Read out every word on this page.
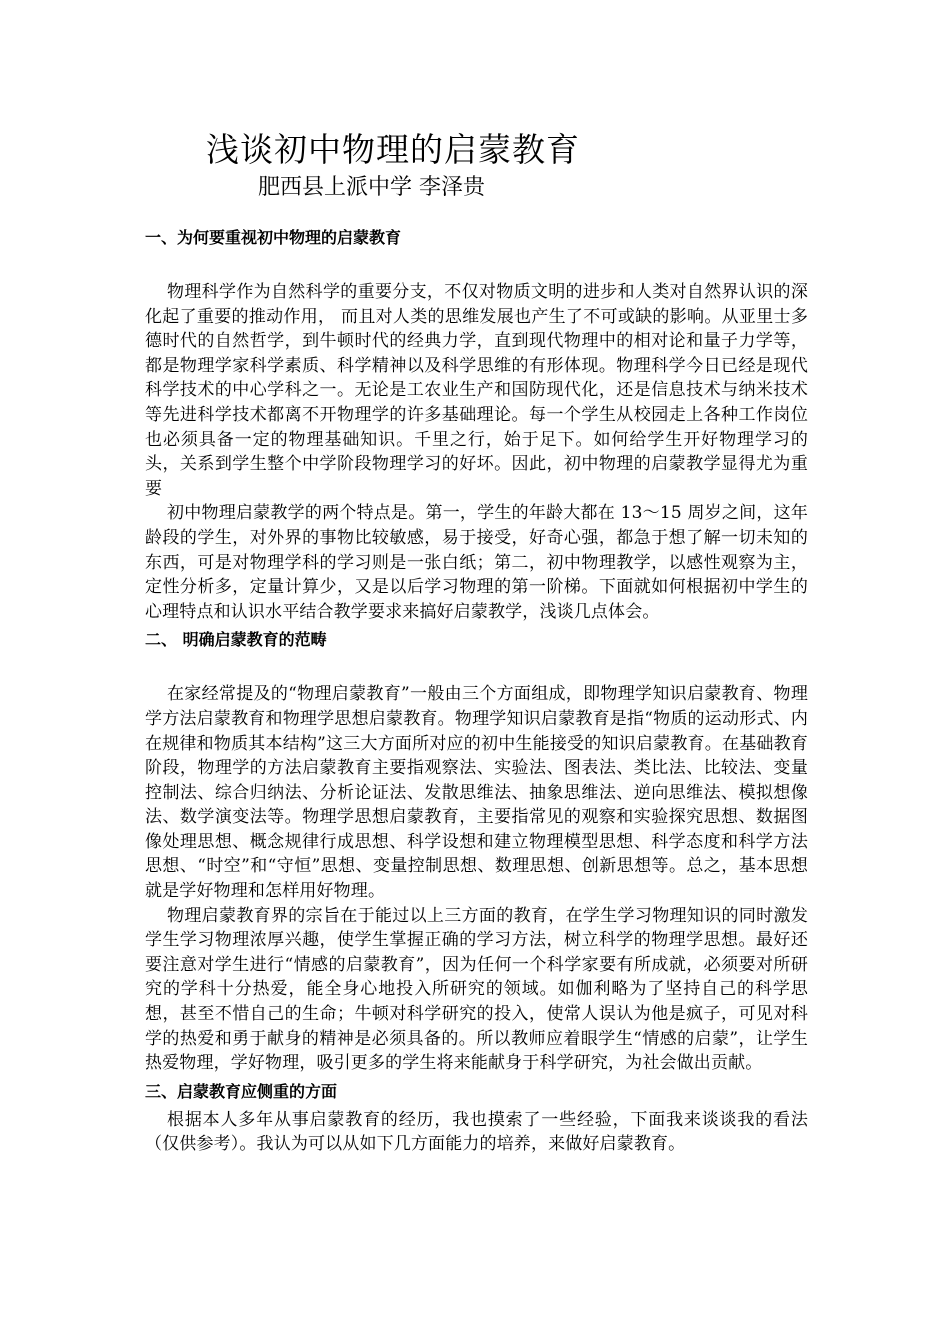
浅谈初中物理的启蒙教育
肥西县上派中学 李泽贵
一、为何要重视初中物理的启蒙教育

物理科学作为自然科学的重要分支，不仅对物质文明的进步和人类对自然界认识的深化起了重要的推动作用， 而且对人类的思维发展也产生了不可或缺的影响。从亚里士多德时代的自然哲学，到牛顿时代的经典力学，直到现代物理中的相对论和量子力学等，都是物理学家科学素质、科学精神以及科学思维的有形体现。物理科学今日已经是现代科学技术的中心学科之一。无论是工农业生产和国防现代化，还是信息技术与纳米技术等先进科学技术都离不开物理学的许多基础理论。每一个学生从校园走上各种工作岗位也必须具备一定的物理基础知识。千里之行，始于足下。如何给学生开好物理学习的头，关系到学生整个中学阶段物理学习的好坏。因此，初中物理的启蒙教学显得尤为重要

初中物理启蒙教学的两个特点是。第一，学生的年龄大都在 13～15 周岁之间，这年龄段的学生，对外界的事物比较敏感，易于接受，好奇心强，都急于想了解一切未知的东西，可是对物理学科的学习则是一张白纸；第二，初中物理教学，以感性观察为主，定性分析多，定量计算少，又是以后学习物理的第一阶梯。下面就如何根据初中学生的心理特点和认识水平结合教学要求来搞好启蒙教学，浅谈几点体会。

二、 明确启蒙教育的范畴

在家经常提及的“物理启蒙教育”一般由三个方面组成，即物理学知识启蒙教育、物理学方法启蒙教育和物理学思想启蒙教育。物理学知识启蒙教育是指“物质的运动形式、内在规律和物质其本结构”这三大方面所对应的初中生能接受的知识启蒙教育。在基础教育阶段，物理学的方法启蒙教育主要指观察法、实验法、图表法、类比法、比较法、变量控制法、综合归纳法、分析论证法、发散思维法、抽象思维法、逆向思维法、模拟想像法、数学演变法等。物理学思想启蒙教育，主要指常见的观察和实验探究思想、数据图像处理思想、概念规律行成思想、科学设想和建立物理模型思想、科学态度和科学方法思想、“时空”和“守恒”思想、变量控制思想、数理思想、创新思想等。总之，基本思想就是学好物理和怎样用好物理。

物理启蒙教育界的宗旨在于能过以上三方面的教育，在学生学习物理知识的同时激发学生学习物理浓厚兴趣，使学生掌握正确的学习方法，树立科学的物理学思想。最好还要注意对学生进行“情感的启蒙教育”，因为任何一个科学家要有所成就，必须要对所研究的学科十分热爱，能全身心地投入所研究的领域。如伽利略为了坚持自己的科学思想，甚至不惜自己的生命；牛顿对科学研究的投入，使常人误认为他是疯子，可见对科学的热爱和勇于献身的精神是必须具备的。所以教师应着眼学生“情感的启蒙”，让学生热爱物理，学好物理，吸引更多的学生将来能献身于科学研究，为社会做出贡献。

三、启蒙教育应侧重的方面

根据本人多年从事启蒙教育的经历，我也摸索了一些经验，下面我来谈谈我的看法（仅供参考）。我认为可以从如下几方面能力的培养，来做好启蒙教育。
